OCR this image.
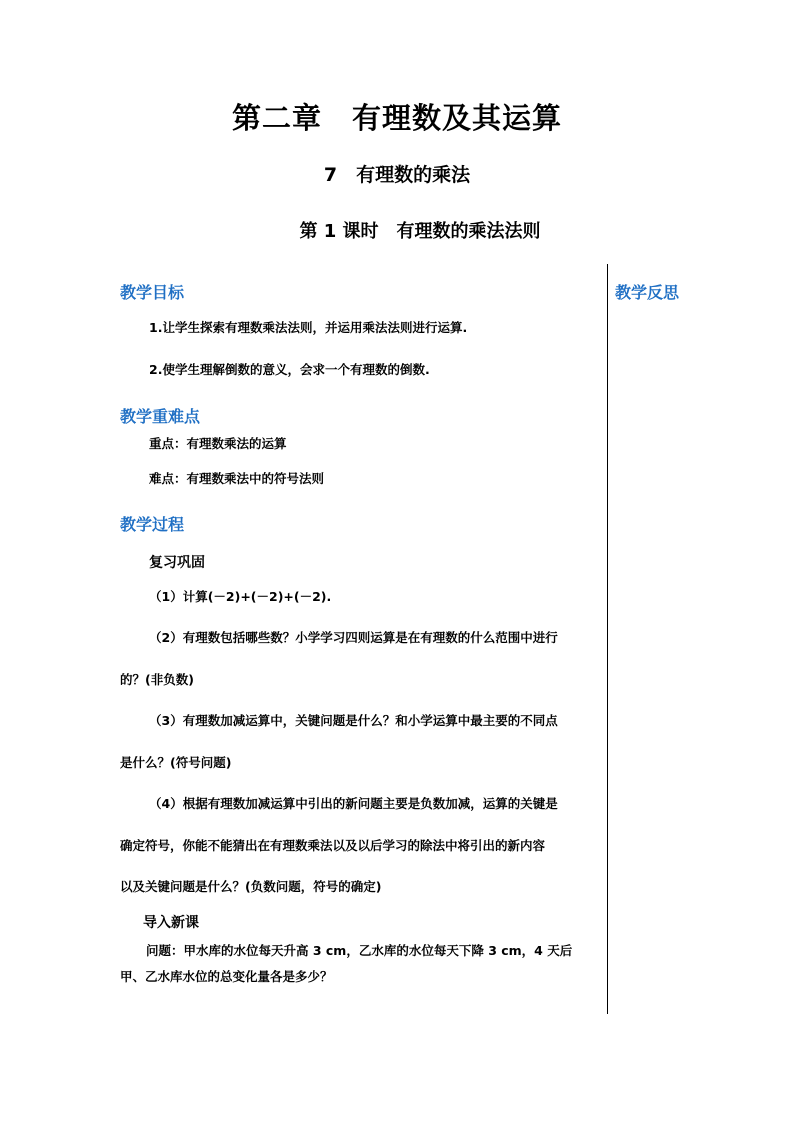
第二章　有理数及其运算
7　有理数的乘法
第 1 课时　有理数的乘法法则
教学反思
教学目标
1.让学生探索有理数乘法法则，并运用乘法法则进行运算.
2.使学生理解倒数的意义，会求一个有理数的倒数.
教学重难点
重点：有理数乘法的运算
难点：有理数乘法中的符号法则
教学过程
复习巩固
（1）计算(－2)+(－2)+(－2).
（2）有理数包括哪些数？小学学习四则运算是在有理数的什么范围中进行
的？(非负数)
（3）有理数加减运算中，关键问题是什么？和小学运算中最主要的不同点
是什么？(符号问题)
（4）根据有理数加减运算中引出的新问题主要是负数加减，运算的关键是
确定符号，你能不能猜出在有理数乘法以及以后学习的除法中将引出的新内容
以及关键问题是什么？(负数问题，符号的确定)
导入新课
问题：甲水库的水位每天升高 3 cm，乙水库的水位每天下降 3 cm，4 天后
甲、乙水库水位的总变化量各是多少？
